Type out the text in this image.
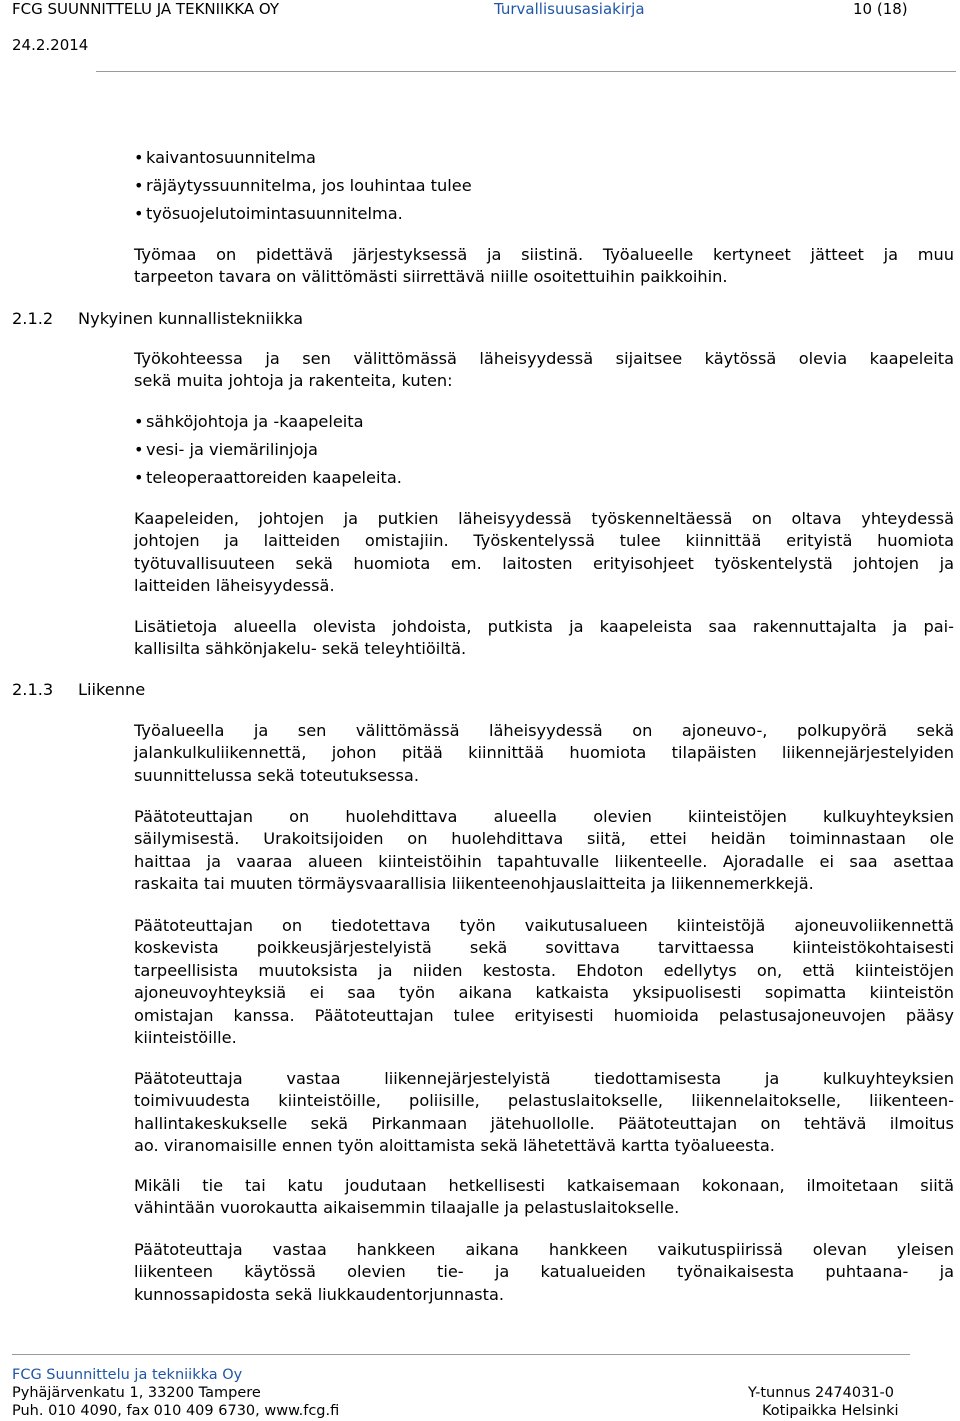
FCG SUUNNITTELU JA TEKNIIKKA OY	Turvallisuusasiakirja	10 (18)
24.2.2014
• kaivantosuunnitelma
• räjäytyssuunnitelma, jos louhintaa tulee
• työsuojelutoimintasuunnitelma.
Työmaa on pidettävä järjestyksessä ja siistinä. Työalueelle kertyneet jätteet ja muu
tarpeeton tavara on välittömästi siirrettävä niille osoitettuihin paikkoihin.
2.1.2 Nykyinen kunnallistekniikka
Työkohteessa ja sen välittömässä läheisyydessä sijaitsee käytössä olevia kaapeleita
sekä muita johtoja ja rakenteita, kuten:
• sähköjohtoja ja -kaapeleita
• vesi- ja viemärilinjoja
• teleoperaattoreiden kaapeleita.
Kaapeleiden, johtojen ja putkien läheisyydessä työskenneltäessä on oltava yhteydessä
johtojen ja laitteiden omistajiin. Työskentelyssä tulee kiinnittää erityistä huomiota
työtuvallisuuteen sekä huomiota em. laitosten erityisohjeet työskentelystä johtojen ja
laitteiden läheisyydessä.
Lisätietoja alueella olevista johdoista, putkista ja kaapeleista saa rakennuttajalta ja pai-
kallisilta sähkönjakelu- sekä teleyhtiöiltä.
2.1.3 Liikenne
Työalueella ja sen välittömässä läheisyydessä on ajoneuvo-, polkupyörä sekä
jalankulkuliikennettä, johon pitää kiinnittää huomiota tilapäisten liikennejärjestelyiden
suunnittelussa sekä toteutuksessa.
Päätoteuttajan on huolehdittava alueella olevien kiinteistöjen kulkuyhteyksien
säilymisestä. Urakoitsijoiden on huolehdittava siitä, ettei heidän toiminnastaan ole
haittaa ja vaaraa alueen kiinteistöihin tapahtuvalle liikenteelle. Ajoradalle ei saa asettaa
raskaita tai muuten törmäysvaarallisia liikenteenohjauslaitteita ja liikennemerkkejä.
Päätoteuttajan on tiedotettava työn vaikutusalueen kiinteistöjä ajoneuvoliikennettä
koskevista poikkeusjärjestelyistä sekä sovittava tarvittaessa kiinteistökohtaisesti
tarpeellisista muutoksista ja niiden kestosta. Ehdoton edellytys on, että kiinteistöjen
ajoneuvoyhteyksiä ei saa työn aikana katkaista yksipuolisesti sopimatta kiinteistön
omistajan kanssa. Päätoteuttajan tulee erityisesti huomioida pelastusajoneuvojen pääsy
kiinteistöille.
Päätoteuttaja vastaa liikennejärjestelyistä tiedottamisesta ja kulkuyhteyksien
toimivuudesta kiinteistöille, poliisille, pelastuslaitokselle, liikennelaitokselle, liikenteen-
hallintakeskukselle sekä Pirkanmaan jätehuollolle. Päätoteuttajan on tehtävä ilmoitus
ao. viranomaisille ennen työn aloittamista sekä lähetettävä kartta työalueesta.
Mikäli tie tai katu joudutaan hetkellisesti katkaisemaan kokonaan, ilmoitetaan siitä
vähintään vuorokautta aikaisemmin tilaajalle ja pelastuslaitokselle.
Päätoteuttaja vastaa hankkeen aikana hankkeen vaikutuspiirissä olevan yleisen
liikenteen käytössä olevien tie- ja katualueiden työnaikaisesta puhtaana- ja
kunnossapidosta sekä liukkaudentorjunnasta.
FCG Suunnittelu ja tekniikka Oy
Pyhäjärvenkatu 1, 33200 Tampere
Puh. 010 4090, fax 010 409 6730, www.fcg.fi
Y-tunnus 2474031-0
Kotipaikka Helsinki
